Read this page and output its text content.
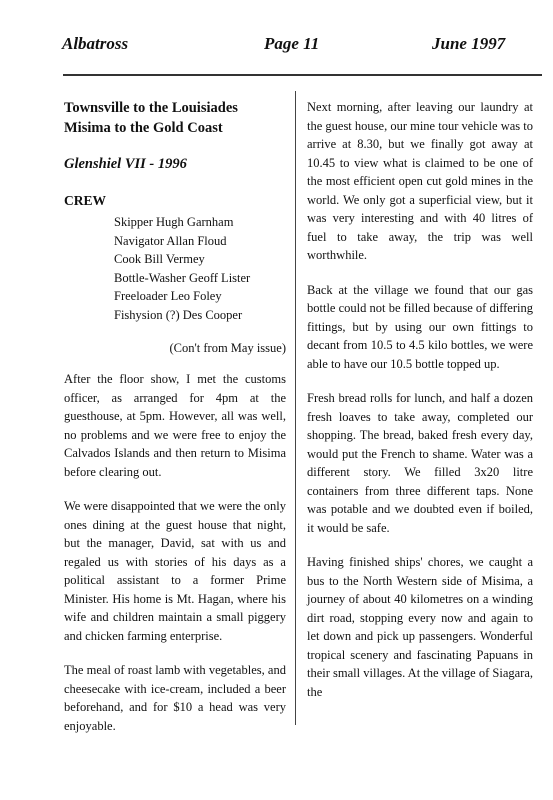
Albatross	Page 11	June 1997
Townsville to the Louisiades
Misima to the Gold Coast
Glenshiel VII - 1996
CREW
Skipper Hugh Garnham
Navigator Allan Floud
Cook Bill Vermey
Bottle-Washer Geoff Lister
Freeloader Leo Foley
Fishysion (?) Des Cooper
(Con't from May issue)

After the floor show, I met the customs officer, as arranged for 4pm at the guesthouse, at 5pm. However, all was well, no problems and we were free to enjoy the Calvados Islands and then return to Misima before clearing out.

We were disappointed that we were the only ones dining at the guest house that night, but the manager, David, sat with us and regaled us with stories of his days as a political assistant to a former Prime Minister. His home is Mt. Hagan, where his wife and children maintain a small piggery and chicken farming enterprise.

The meal of roast lamb with vegetables, and cheesecake with ice-cream, included a beer beforehand, and for $10 a head was very enjoyable.

Next morning, after leaving our laundry at the guest house, our mine tour vehicle was to arrive at 8.30, but we finally got away at 10.45 to view what is claimed to be one of the most efficient open cut gold mines in the world. We only got a superficial view, but it was very interesting and with 40 litres of fuel to take away, the trip was well worthwhile.

Back at the village we found that our gas bottle could not be filled because of differing fittings, but by using our own fittings to decant from 10.5 to 4.5 kilo bottles, we were able to have our 10.5 bottle topped up.

Fresh bread rolls for lunch, and half a dozen fresh loaves to take away, completed our shopping. The bread, baked fresh every day, would put the French to shame. Water was a different story. We filled 3x20 litre containers from three different taps. None was potable and we doubted even if boiled, it would be safe.

Having finished ships' chores, we caught a bus to the North Western side of Misima, a journey of about 40 kilometres on a winding dirt road, stopping every now and again to let down and pick up passengers. Wonderful tropical scenery and fascinating Papuans in their small villages. At the village of Siagara, the
